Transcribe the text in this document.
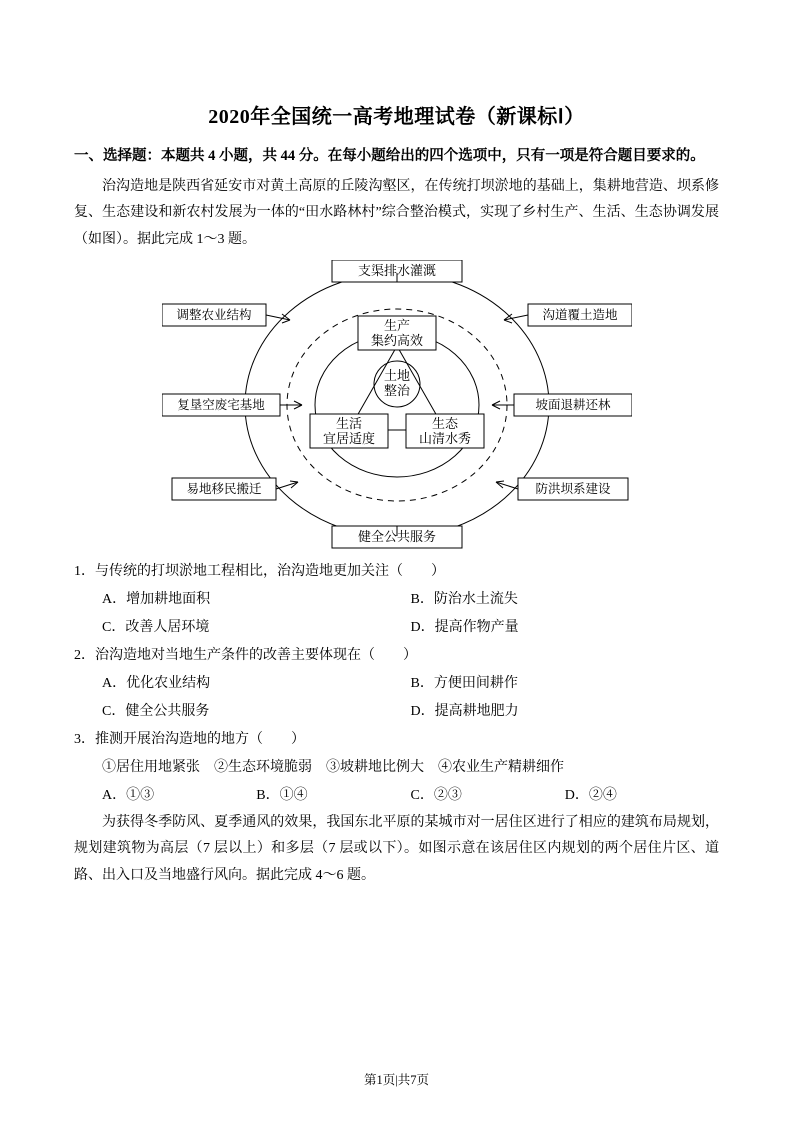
2020年全国统一高考地理试卷（新课标Ⅰ）
一、选择题：本题共 4 小题，共 44 分。在每小题给出的四个选项中，只有一项是符合题目要求的。

治沟造地是陕西省延安市对黄土高原的丘陵沟壑区，在传统打坝淤地的基础上，集耕地营造、坝系修复、生态建设和新农村发展为一体的“田水路林村”综合整治模式，实现了乡村生产、生活、生态协调发展（如图）。据此完成 1～3 题。

土地
整治
生产
集约高效
生活
宜居适度
生态
山清水秀
支渠排水灌溉
健全公共服务
调整农业结构
复垦空废宅基地
易地移民搬迁
沟道覆土造地
坡面退耕还林
防洪坝系建设

1．与传统的打坝淤地工程相比，治沟造地更加关注（　　）

A．增加耕地面积	B．防治水土流失
C．改善人居环境	D．提高作物产量

2．治沟造地对当地生产条件的改善主要体现在（　　）

A．优化农业结构	B．方便田间耕作
C．健全公共服务	D．提高耕地肥力

3．推测开展治沟造地的地方（　　）

①居住用地紧张 ②生态环境脆弱 ③坡耕地比例大 ④农业生产精耕细作
A．①③	B．①④	C．②③	D．②④

为获得冬季防风、夏季通风的效果，我国东北平原的某城市对一居住区进行了相应的建筑布局规划，规划建筑物为高层（7 层以上）和多层（7 层或以下）。如图示意在该居住区内规划的两个居住片区、道路、出入口及当地盛行风向。据此完成 4～6 题。

第1页|共7页
